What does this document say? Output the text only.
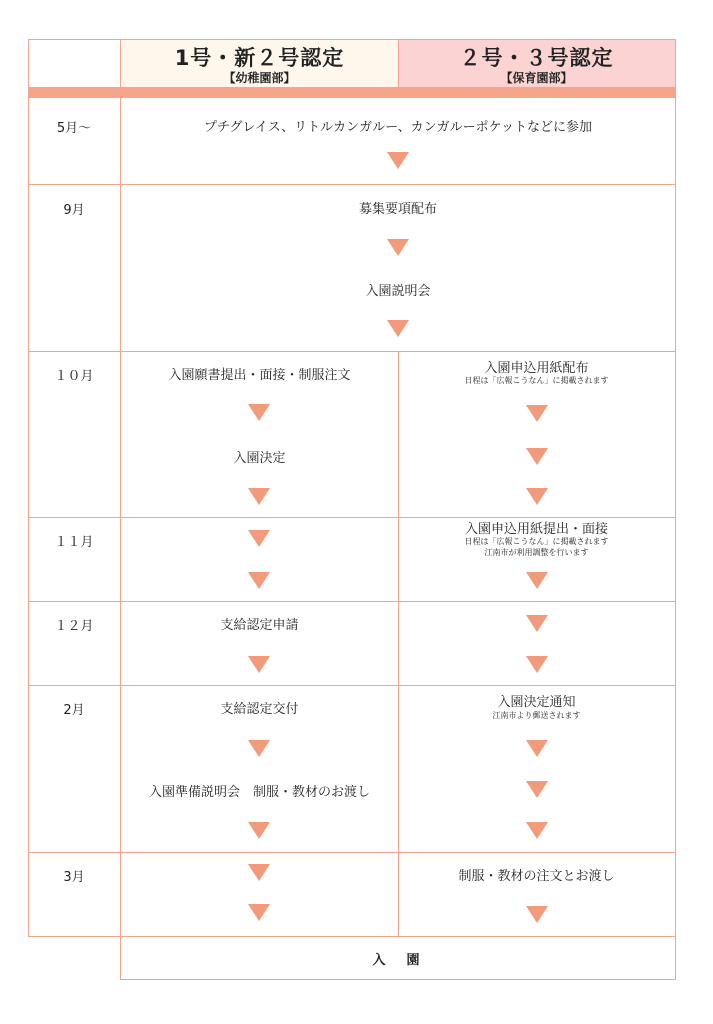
1号・新２号認定
【幼稚園部】
２号・３号認定
【保育園部】
5月～
9月
１０月
１１月
１２月
2月
3月
プチグレイス、リトルカンガルー、カンガルーポケットなどに参加
募集要項配布
入園説明会
入園願書提出・面接・制服注文
入園決定
入園申込用紙配布
日程は「広報こうなん」に掲載されます
入園申込用紙提出・面接
日程は「広報こうなん」に掲載されます
江南市が利用調整を行います
支給認定申請
支給認定交付
入園準備説明会　制服・教材のお渡し
入園決定通知
江南市より郵送されます
制服・教材の注文とお渡し
入　園
